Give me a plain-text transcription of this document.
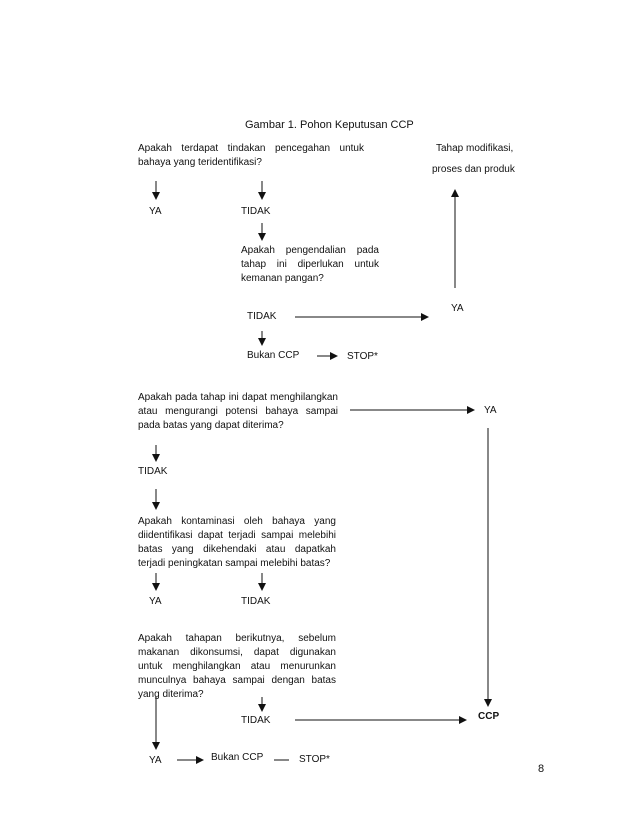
Gambar 1. Pohon Keputusan CCP
Apakah terdapat tindakan pencegahan untuk bahaya yang teridentifikasi?
Tahap modifikasi,
proses dan produk
YA	TIDAK
Apakah pengendalian pada tahap ini diperlukan untuk kemanan pangan?
TIDAK
YA
Bukan CCP	STOP*
Apakah pada tahap ini dapat menghilangkan atau mengurangi potensi bahaya sampai pada batas yang dapat diterima?
YA
TIDAK
Apakah kontaminasi oleh bahaya yang diidentifikasi dapat terjadi sampai melebihi batas yang dikehendaki atau dapatkah terjadi peningkatan sampai melebihi batas?
YA	TIDAK
Apakah tahapan berikutnya, sebelum makanan dikonsumsi, dapat digunakan untuk menghilangkan atau menurunkan munculnya bahaya sampai dengan batas yang diterima?
TIDAK	CCP
YA	Bukan CCP	STOP*
8
